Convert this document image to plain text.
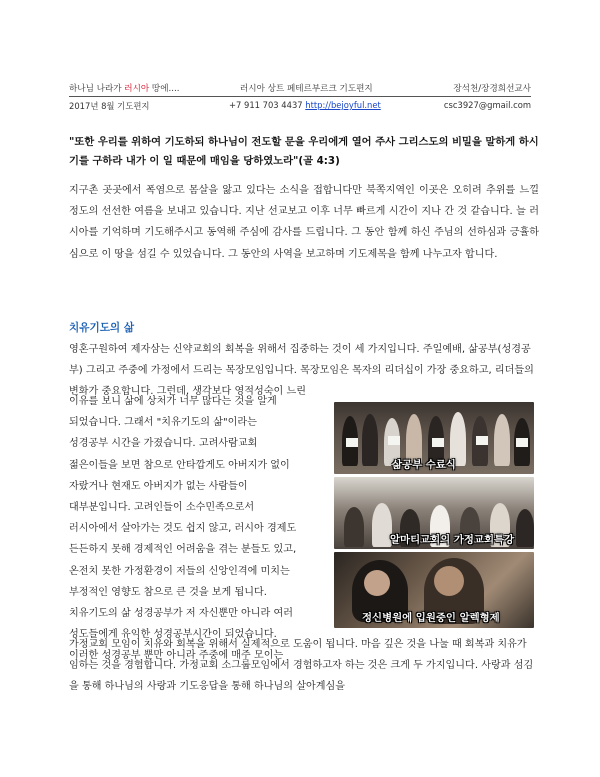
하나님 나라가 러시아 땅에....	러시아 상트 페테르부르크 기도편지	장석천/장경희선교사
2017년 8월 기도편지	+7 911 703 4437 http://bejoyful.net	csc3927@gmail.com
"또한 우리를 위하여 기도하되 하나님이 전도할 문을 우리에게 열어 주사 그리스도의 비밀을 말하게 하시기를 구하라 내가 이 일 때문에 매임을 당하였노라"(골 4:3)
지구촌 곳곳에서 폭염으로 몸살을 앓고 있다는 소식을 접합니다만 북쪽지역인 이곳은 오히려 추위를 느낄 정도의 선선한 여름을 보내고 있습니다. 지난 선교보고 이후 너무 빠르게 시간이 지나 간 것 같습니다. 늘 러시아를 기억하며 기도해주시고 동역해 주심에 감사를 드립니다. 그 동안 함께 하신 주님의 선하심과 긍휼하심으로 이 땅을 섬길 수 있었습니다. 그 동안의 사역을 보고하며 기도제목을 함께 나누고자 합니다.
치유기도의 삶
영혼구원하여 제자삼는 신약교회의 회복을 위해서 집중하는 것이 세 가지입니다. 주일예배, 삶공부(성경공부) 그리고 주중에 가정에서 드리는 목장모임입니다. 목장모임은 목자의 리더십이 가장 중요하고, 리더들의 변화가 중요합니다. 그런데, 생각보다 영적성숙이 느린
이유를 보니 삶에 상처가 너무 많다는 것을 알게
되었습니다. 그래서 "치유기도의 삶"이라는
성경공부 시간을 가졌습니다. 고려사람교회
젊은이들을 보면 참으로 안타깝게도 아버지가 없이
자랐거나 현재도 아버지가 없는 사람들이
대부분입니다. 고려인들이 소수민족으로서
러시아에서 살아가는 것도 쉽지 않고, 러시아 경제도
든든하지 못해 경제적인 어려움을 겪는 분들도 있고,
온전치 못한 가정환경이 저들의 신앙인격에 미치는
부정적인 영향도 참으로 큰 것을 보게 됩니다.
치유기도의 삶 성경공부가 저 자신뿐만 아니라 여러
성도들에게 유익한 성경공부시간이 되었습니다.
이러한 성경공부 뿐만 아니라 주중에 매주 모이는
삶공부 수료식
알마티교회의 가정교회특강
정신병원에 입원중인 알렉형제
가정교회 모임이 치유와 회복을 위해서 실제적으로 도움이 됩니다. 마음 깊은 것을 나눌 때 회복과 치유가 임하는 것을 경험합니다. 가정교회 소그룹모임에서 경험하고자 하는 것은 크게 두 가지입니다. 사랑과 섬김을 통해 하나님의 사랑과 기도응답을 통해 하나님의 살아계심을
